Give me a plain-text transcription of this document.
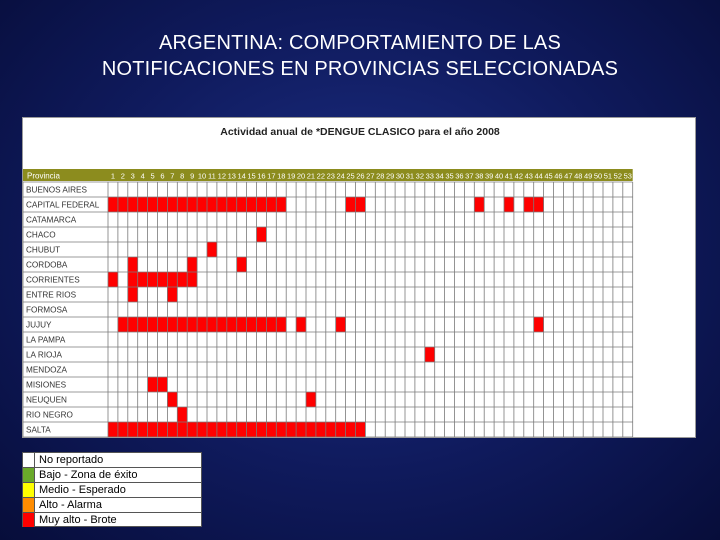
ARGENTINA: COMPORTAMIENTO DE LAS
NOTIFICACIONES EN PROVINCIAS SELECCIONADAS
Actividad anual de *DENGUE CLASICO para el año 2008
Provincia	1 2 3 4 5 6 7 8 9 10 11 12 13 14 15 16 17 18 19 20 21 22 23 24 25 26 27 28 29 30 31 32 33 34 35 36 37 38 39 40 41 42 43 44 45 46 47 48 49 50 51 52 53
BUENOS AIRES
CAPITAL FEDERAL
CATAMARCA
CHACO
CHUBUT
CORDOBA
CORRIENTES
ENTRE RIOS
FORMOSA
JUJUY
LA PAMPA
LA RIOJA
MENDOZA
MISIONES
NEUQUEN
RIO NEGRO
SALTA
No reportado
Bajo - Zona de éxito
Medio - Esperado
Alto - Alarma
Muy alto - Brote
